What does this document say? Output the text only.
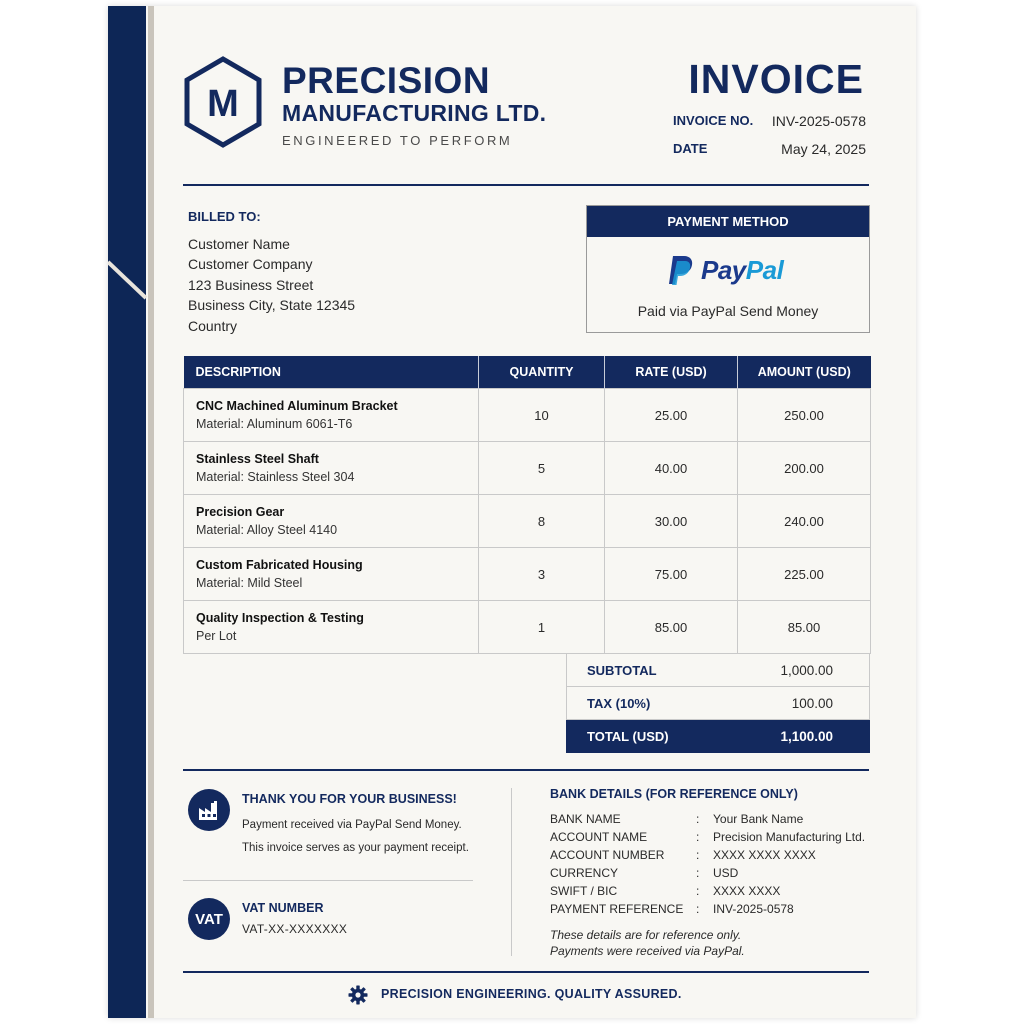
M
PRECISION
MANUFACTURING LTD.
ENGINEERED TO PERFORM
INVOICE
INVOICE NO. INV-2025-0578
DATE	May 24, 2025
BILLED TO:
Customer Name
Customer Company
123 Business Street
Business City, State 12345
Country
PAYMENT METHOD
PayPal
Paid via PayPal Send Money
DESCRIPTION	QUANTITY	RATE (USD)	AMOUNT (USD)

CNC Machined Aluminum Bracket
Material: Aluminum 6061-T6	10	25.00	250.00

Stainless Steel Shaft
Material: Stainless Steel 304	5	40.00	200.00

Precision Gear
Material: Alloy Steel 4140	8	30.00	240.00

Custom Fabricated Housing
Material: Mild Steel	3	75.00	225.00

Quality Inspection & Testing
Per Lot	1	85.00	85.00
SUBTOTAL	1,000.00
TAX (10%)	100.00
TOTAL (USD)	1,100.00
THANK YOU FOR YOUR BUSINESS!
Payment received via PayPal Send Money.
This invoice serves as your payment receipt.
VAT
VAT NUMBER
VAT-XX-XXXXXXX
BANK DETAILS (FOR REFERENCE ONLY)
BANK NAME	: Your Bank Name
ACCOUNT NAME	: Precision Manufacturing Ltd.
ACCOUNT NUMBER	: XXXX XXXX XXXX
CURRENCY	: USD
SWIFT / BIC	: XXXX XXXX
PAYMENT REFERENCE : INV-2025-0578
These details are for reference only.
Payments were received via PayPal.
PRECISION ENGINEERING. QUALITY ASSURED.
